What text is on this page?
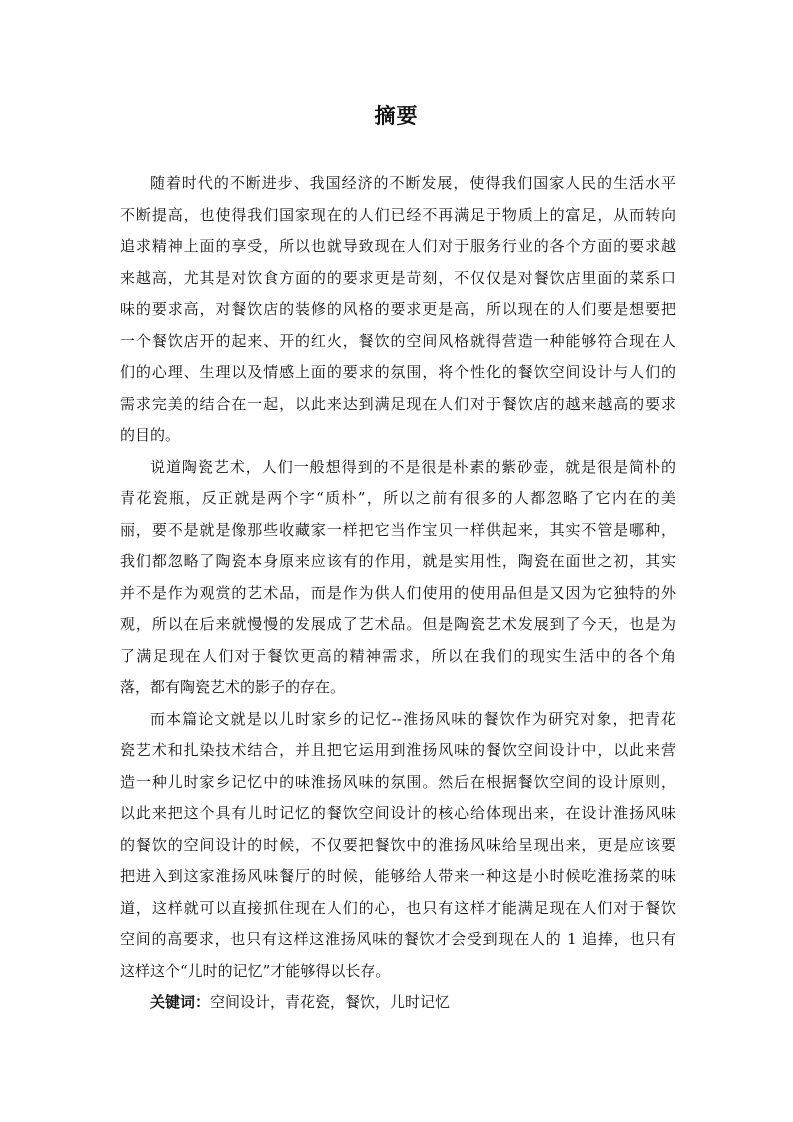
摘要
随着时代的不断进步、我国经济的不断发展，使得我们国家人民的生活水平
不断提高，也使得我们国家现在的人们已经不再满足于物质上的富足，从而转向
追求精神上面的享受，所以也就导致现在人们对于服务行业的各个方面的要求越
来越高，尤其是对饮食方面的的要求更是苛刻，不仅仅是对餐饮店里面的菜系口
味的要求高，对餐饮店的装修的风格的要求更是高，所以现在的人们要是想要把
一个餐饮店开的起来、开的红火，餐饮的空间风格就得营造一种能够符合现在人
们的心理、生理以及情感上面的要求的氛围，将个性化的餐饮空间设计与人们的
需求完美的结合在一起，以此来达到满足现在人们对于餐饮店的越来越高的要求
的目的。
说道陶瓷艺术，人们一般想得到的不是很是朴素的紫砂壶，就是很是简朴的
青花瓷瓶，反正就是两个字“质朴”，所以之前有很多的人都忽略了它内在的美
丽，要不是就是像那些收藏家一样把它当作宝贝一样供起来，其实不管是哪种，
我们都忽略了陶瓷本身原来应该有的作用，就是实用性，陶瓷在面世之初，其实
并不是作为观赏的艺术品，而是作为供人们使用的使用品但是又因为它独特的外
观，所以在后来就慢慢的发展成了艺术品。但是陶瓷艺术发展到了今天，也是为
了满足现在人们对于餐饮更高的精神需求，所以在我们的现实生活中的各个角
落，都有陶瓷艺术的影子的存在。
而本篇论文就是以儿时家乡的记忆--淮扬风味的餐饮作为研究对象，把青花
瓷艺术和扎染技术结合，并且把它运用到淮扬风味的餐饮空间设计中，以此来营
造一种儿时家乡记忆中的味淮扬风味的氛围。然后在根据餐饮空间的设计原则，
以此来把这个具有儿时记忆的餐饮空间设计的核心给体现出来，在设计淮扬风味
的餐饮的空间设计的时候，不仅要把餐饮中的淮扬风味给呈现出来，更是应该要
把进入到这家淮扬风味餐厅的时候，能够给人带来一种这是小时候吃淮扬菜的味
道，这样就可以直接抓住现在人们的心，也只有这样才能满足现在人们对于餐饮
空间的高要求，也只有这样这淮扬风味的餐饮才会受到现在人的 1 追捧，也只有
这样这个“儿时的记忆”才能够得以长存。
关键词：空间设计，青花瓷，餐饮，儿时记忆
